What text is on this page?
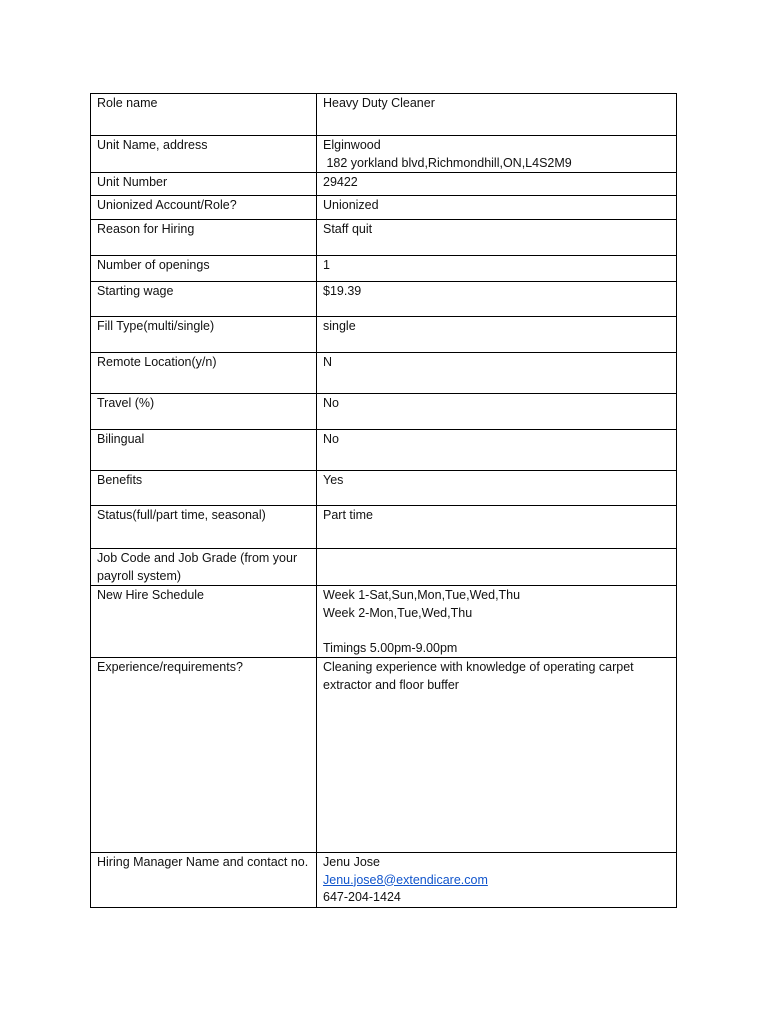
Role name	Heavy Duty Cleaner
Unit Name, address	Elginwood
182 yorkland blvd,Richmondhill,ON,L4S2M9

Unit Number	29422
Unionized Account/Role?	Unionized
Reason for Hiring	Staff quit
Number of openings	1
Starting wage	$19.39
Fill Type(multi/single)	single
Remote Location(y/n)	N
Travel (%)	No
Bilingual	No
Benefits	Yes
Status(full/part time, seasonal)	Part time
Job Code and Job Grade (from your payroll system)	
New Hire Schedule	Week 1-Sat,Sun,Mon,Tue,Wed,Thu
Week 2-Mon,Tue,Wed,Thu
Timings 5.00pm-9.00pm

Experience/requirements?	Cleaning experience with knowledge of operating carpet extractor and floor buffer

Hiring Manager Name and contact no.	Jenu Jose
Jenu.jose8@extendicare.com
647-204-1424
